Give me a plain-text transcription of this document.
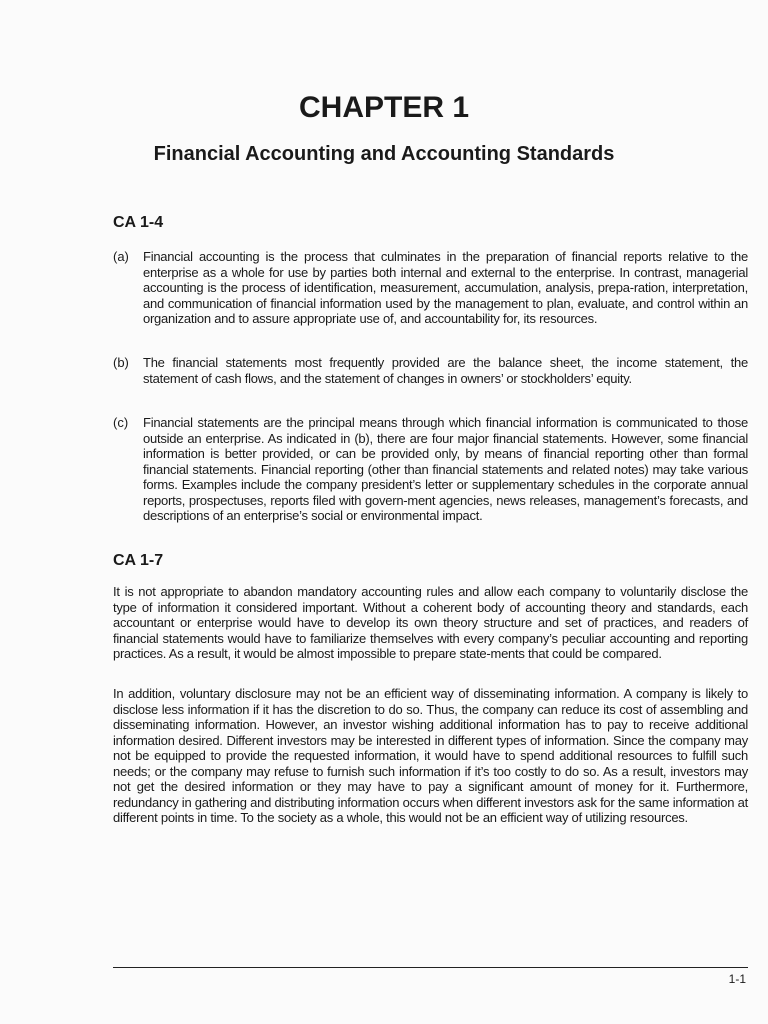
CHAPTER 1
Financial Accounting and Accounting Standards
CA 1-4
(a) Financial accounting is the process that culminates in the preparation of financial reports relative to the enterprise as a whole for use by parties both internal and external to the enterprise. In contrast, managerial accounting is the process of identification, measurement, accumulation, analysis, prepa-ration, interpretation, and communication of financial information used by the management to plan, evaluate, and control within an organization and to assure appropriate use of, and accountability for, its resources.
(b) The financial statements most frequently provided are the balance sheet, the income statement, the statement of cash flows, and the statement of changes in owners’ or stockholders’ equity.
(c) Financial statements are the principal means through which financial information is communicated to those outside an enterprise. As indicated in (b), there are four major financial statements. However, some financial information is better provided, or can be provided only, by means of financial reporting other than formal financial statements. Financial reporting (other than financial statements and related notes) may take various forms. Examples include the company president’s letter or supplementary schedules in the corporate annual reports, prospectuses, reports filed with govern-ment agencies, news releases, management’s forecasts, and descriptions of an enterprise’s social or environmental impact.
CA 1-7

It is not appropriate to abandon mandatory accounting rules and allow each company to voluntarily disclose the type of information it considered important. Without a coherent body of accounting theory and standards, each accountant or enterprise would have to develop its own theory structure and set of practices, and readers of financial statements would have to familiarize themselves with every company’s peculiar accounting and reporting practices. As a result, it would be almost impossible to prepare state-ments that could be compared.

In addition, voluntary disclosure may not be an efficient way of disseminating information. A company is likely to disclose less information if it has the discretion to do so. Thus, the company can reduce its cost of assembling and disseminating information. However, an investor wishing additional information has to pay to receive additional information desired. Different investors may be interested in different types of information. Since the company may not be equipped to provide the requested information, it would have to spend additional resources to fulfill such needs; or the company may refuse to furnish such information if it’s too costly to do so. As a result, investors may not get the desired information or they may have to pay a significant amount of money for it. Furthermore, redundancy in gathering and distributing information occurs when different investors ask for the same information at different points in time. To the society as a whole, this would not be an efficient way of utilizing resources.

1-1
